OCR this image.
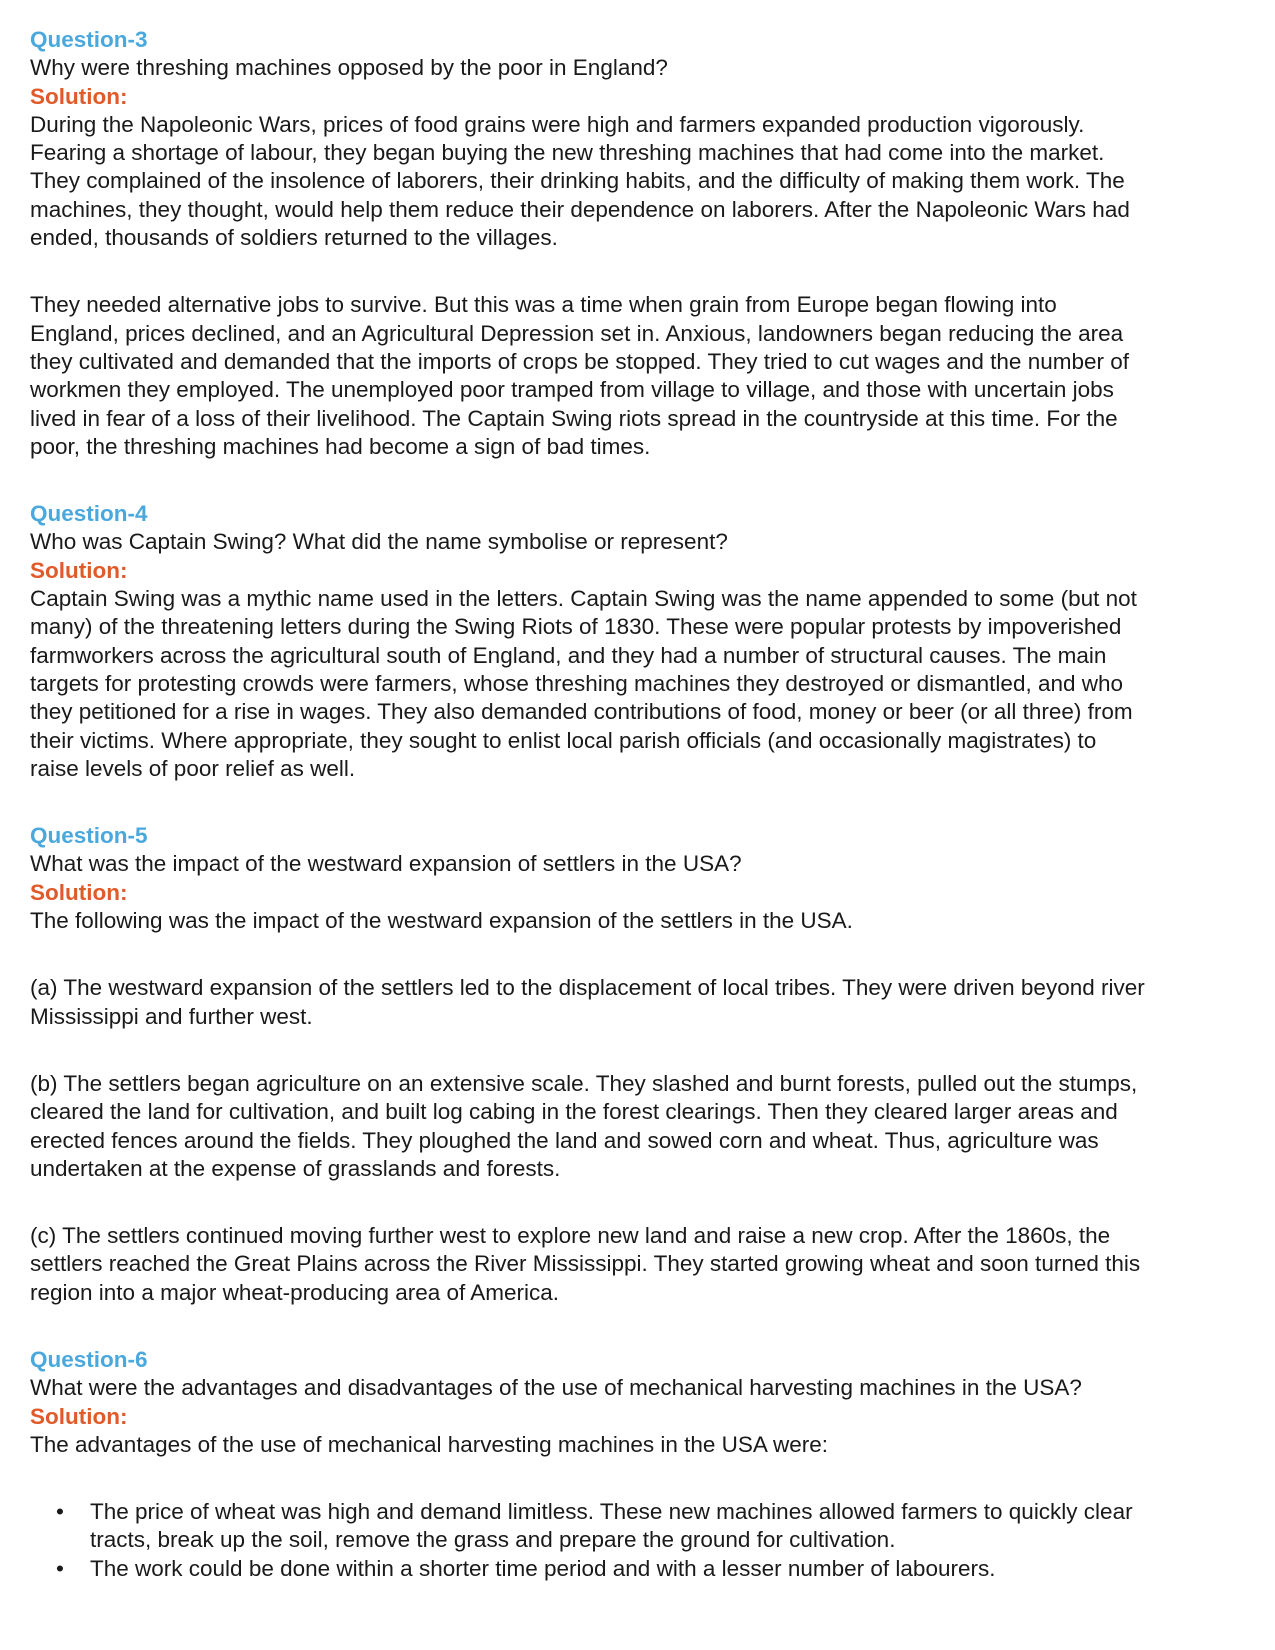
Question-3
Why were threshing machines opposed by the poor in England?
Solution:
During the Napoleonic Wars, prices of food grains were high and farmers expanded production vigorously.
Fearing a shortage of labour, they began buying the new threshing machines that had come into the market.
They complained of the insolence of laborers, their drinking habits, and the difficulty of making them work. The
machines, they thought, would help them reduce their dependence on laborers. After the Napoleonic Wars had
ended, thousands of soldiers returned to the villages.
They needed alternative jobs to survive. But this was a time when grain from Europe began flowing into
England, prices declined, and an Agricultural Depression set in. Anxious, landowners began reducing the area
they cultivated and demanded that the imports of crops be stopped. They tried to cut wages and the number of
workmen they employed. The unemployed poor tramped from village to village, and those with uncertain jobs
lived in fear of a loss of their livelihood. The Captain Swing riots spread in the countryside at this time. For the
poor, the threshing machines had become a sign of bad times.
Question-4
Who was Captain Swing? What did the name symbolise or represent?
Solution:
Captain Swing was a mythic name used in the letters. Captain Swing was the name appended to some (but not
many) of the threatening letters during the Swing Riots of 1830. These were popular protests by impoverished
farmworkers across the agricultural south of England, and they had a number of structural causes. The main
targets for protesting crowds were farmers, whose threshing machines they destroyed or dismantled, and who
they petitioned for a rise in wages. They also demanded contributions of food, money or beer (or all three) from
their victims. Where appropriate, they sought to enlist local parish officials (and occasionally magistrates) to
raise levels of poor relief as well.
Question-5
What was the impact of the westward expansion of settlers in the USA?
Solution:
The following was the impact of the westward expansion of the settlers in the USA.
(a) The westward expansion of the settlers led to the displacement of local tribes. They were driven beyond river
Mississippi and further west.
(b) The settlers began agriculture on an extensive scale. They slashed and burnt forests, pulled out the stumps,
cleared the land for cultivation, and built log cabing in the forest clearings. Then they cleared larger areas and
erected fences around the fields. They ploughed the land and sowed corn and wheat. Thus, agriculture was
undertaken at the expense of grasslands and forests.
(c) The settlers continued moving further west to explore new land and raise a new crop. After the 1860s, the
settlers reached the Great Plains across the River Mississippi. They started growing wheat and soon turned this
region into a major wheat-producing area of America.
Question-6
What were the advantages and disadvantages of the use of mechanical harvesting machines in the USA?
Solution:
The advantages of the use of mechanical harvesting machines in the USA were:
• The price of wheat was high and demand limitless. These new machines allowed farmers to quickly clear
tracts, break up the soil, remove the grass and prepare the ground for cultivation.
• The work could be done within a shorter time period and with a lesser number of labourers.
